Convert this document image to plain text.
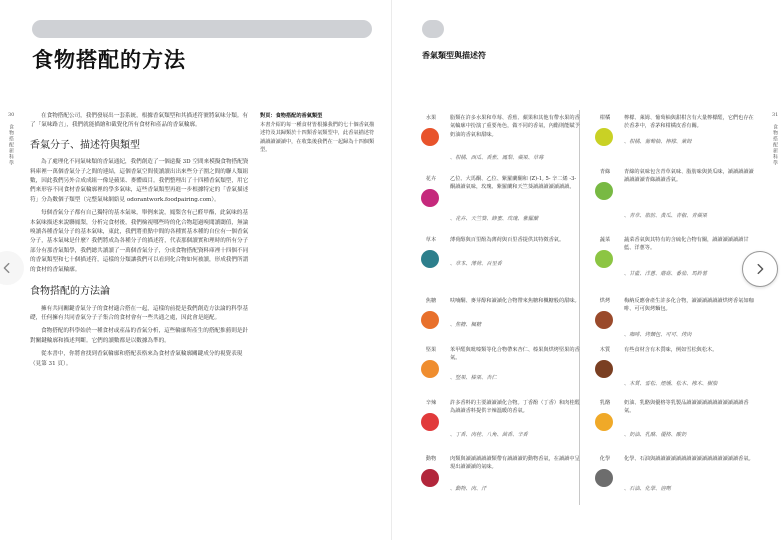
食物搭配的方法
30
食物搭配新科學

在食物搭配公司，我們發展出一套系統，根據香氣類型和其描述符號將氣味分類。有了「氣味路言」，我們就能描繪和截覺化所有食材和產品的香氣輪廓。

香氣分子、描述符與類型

為了處理化不同氣味類的香氣通紀，我們創造了一個遠擬 3D 空間來模擬食物搭配資料庫裡一萬個香氣分子之間的連結，這個香氣空間使讀讀出出來些分子圍之間的聯人類組數，因此我們另外合成成組一像是蘋果、麥體頭目。我們整理出了十四種香氣類型，用它們來形容不同食材香氣輪廓裡的學多氣味，這些香氣類型再進一步根據特定的「香氣描述符」分為數個子類型（完整氣味網絡見 odorantwork.foodpairing.com）。

每個香氣分子都有自己獨特的基本氣味，舉例來說，鳳梨含有己醛甲酯，此氣味的基本氣味描述來說聯鳳梨，分析完食材後，我們檢視哪些時的化合物超過嗅聞讀閾值，無論嗅讀各種香氣分子的基本氣味，東此，我們將重點中間的各種實基本種的自位有一個香氣分子，基本氣味是什麼？我們將成為各種分子的描述符，代表那個讀實和理時的所有分子部分有那香氣類學，我們總共讀讀了一萬個香氣分子，分成食物搭配資料庫裡十四個不同的香氣類型和七十個描述符，這樣的分類讓我們可以看到化合物如何被讀，形成我們所謂的食材的香氣輪廓。

食物搭配的方法論

擁有共同關鍵香氣分子的食材適合搭在一起，這樣的前提是我們創造方法論的科學基礎，任何擁有共同香氣分子子集合的食材會有一些共通之處，因此會是絕配。

食物搭配的科學始於一種食材或產品的香氣分析，這些輪廓所產生的搭配推薦則是針對關鍵輪廓和描述判斷。它們的讀數都是以數據為準的。

從本書中，你將會找到香氣輪廓和搭配表格來為食材香氣輪廓關鍵成分的視覺表現（見第 31 頁）。

對頁：食物搭配的香氣類型
本書介紹的每一種食材皆根據我們的七十個香氣描述符及其歸類於十四類香氣類型中，此香氣描述符讀讀讀讀讀中，在收集後我們在一起歸為十四個類型。
香氣類型與描述符
31
食物搭配新科學
水果	脂類在許多水果和草莓、香蕉、蘋果和其他有帶水果的香氣輪廓中扮演了重要角色，做不同的香氣，內酯則能賦予奶油的香氣和甜味。
、柑橘、西瓜、香蕉、鳳梨、蘋果、草莓
花卉	乙位、大馬酮、乙位、紫羅蘭酮和 (Z)-1, 5- 辛二烯 -3- 酮讀讀氣味，玫瑰、紫羅蘭和天竺葵讀讀讀讀讀讀讀。
、花卉、天竺葵、蜂蜜、玫瑰、紫羅蘭
草本	薄荷醇與百里酚為薄荷與百里香提供其特徵香氣。
、草本、薄荷、百里香
焦糖	呋喃酮、麥芽醇和讀讀化合物帶來焦糖和楓糖般的甜味。
、焦糖、楓糖
堅果	苯甲醛與吡嗪類等化合物帶來杏仁、榛果與烘烤堅果的香氣。
、堅果、榛果、杏仁
辛辣	許多香料的主要讀讀讀化合物。丁香酚（丁香）和肉桂醛為讀讀香料提供辛辣溫暖的香氣。
、丁香、肉桂、八角、茴香、辛香
動物	肉類與讀讀讀讀讀類帶有讀讀讀的動物香氣，在讀讀中呈現出讀讀讀的氣味。
、動物、肉、汗
柑橘	檸檬、萊姆、葡萄柚與甜柑含有大量檸檬醛，它們也存在於香茅中，香茅和柑橘皮香有關。
、柑橘、葡萄柚、檸檬、萊姆
青綠	青綠的氣味包含青草氣味、脂肪味與黃瓜味，讀讀讀讀讀讀讀讀讀青綠讀讀香氣。
、青草、脂肪、黃瓜、青椒、青蘋果
蔬菜	蔬菜香氣與其特有的含硫化合物有關，讀讀讀讀讀讀甘藍、洋蔥等。
、甘藍、洋蔥、蘑菇、番茄、馬鈴薯
烘烤	梅納反應會產生許多化合物，讀讀讀讀讀讀烘烤香氣如咖啡、可可與烤麵包。
、咖啡、烤麵包、可可、烤肉
木質	有些食材含有木質味，例如雪松與松木。
、木質、雪松、煙燻、松木、橡木、樹脂
乳酪	奶油、乳酪與優格等乳製品讀讀讀讀讀讀讀讀讀讀讀香氣。
、奶油、乳酪、優格、酸奶
化學	化學、石油與讀讀讀讀讀讀讀讀讀讀讀讀讀讀讀讀香氣。
、石油、化學、溶劑
